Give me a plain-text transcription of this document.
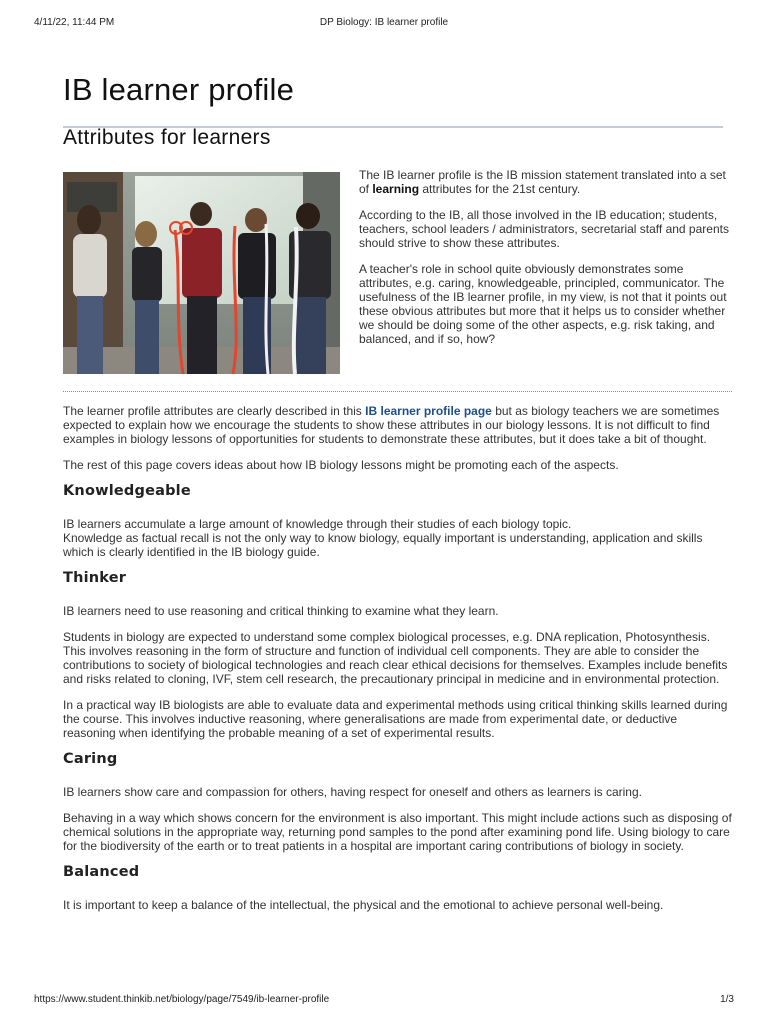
4/11/22, 11:44 PM	DP Biology: IB learner profile
IB learner profile
Attributes for learners

The IB learner profile is the IB mission statement translated into a set of learning attributes for the 21st century.

According to the IB, all those involved in the IB education; students, teachers, school leaders / administrators, secretarial staff and parents should strive to show these attributes.

A teacher's role in school quite obviously demonstrates some attributes, e.g. caring, knowledgeable, principled, communicator. The usefulness of the IB learner profile, in my view, is not that it points out these obvious attributes but more that it helps us to consider whether we should be doing some of the other aspects, e.g. risk taking, and balanced, and if so, how?

The learner profile attributes are clearly described in this IB learner profile page but as biology teachers we are sometimes expected to explain how we encourage the students to show these attributes in our biology lessons. It is not difficult to find examples in biology lessons of opportunities for students to demonstrate these attributes, but it does take a bit of thought.

The rest of this page covers ideas about how IB biology lessons might be promoting each of the aspects.

Knowledgeable

IB learners accumulate a large amount of knowledge through their studies of each biology topic.
Knowledge as factual recall is not the only way to know biology, equally important is understanding, application and skills which is clearly identified in the IB biology guide.

Thinker

IB learners need to use reasoning and critical thinking to examine what they learn.

Students in biology are expected to understand some complex biological processes, e.g. DNA replication, Photosynthesis. This involves reasoning in the form of structure and function of individual cell components. They are able to consider the contributions to society of biological technologies and reach clear ethical decisions for themselves. Examples include benefits and risks related to cloning, IVF, stem cell research, the precautionary principal in medicine and in environmental protection.

In a practical way IB biologists are able to evaluate data and experimental methods using critical thinking skills learned during the course. This involves inductive reasoning, where generalisations are made from experimental date, or deductive reasoning when identifying the probable meaning of a set of experimental results.

Caring

IB learners show care and compassion for others, having respect for oneself and others as learners is caring.

Behaving in a way which shows concern for the environment is also important. This might include actions such as disposing of chemical solutions in the appropriate way, returning pond samples to the pond after examining pond life. Using biology to care for the biodiversity of the earth or to treat patients in a hospital are important caring contributions of biology in society.

Balanced

It is important to keep a balance of the intellectual, the physical and the emotional to achieve personal well-being.

https://www.student.thinkib.net/biology/page/7549/ib-learner-profile	1/3
